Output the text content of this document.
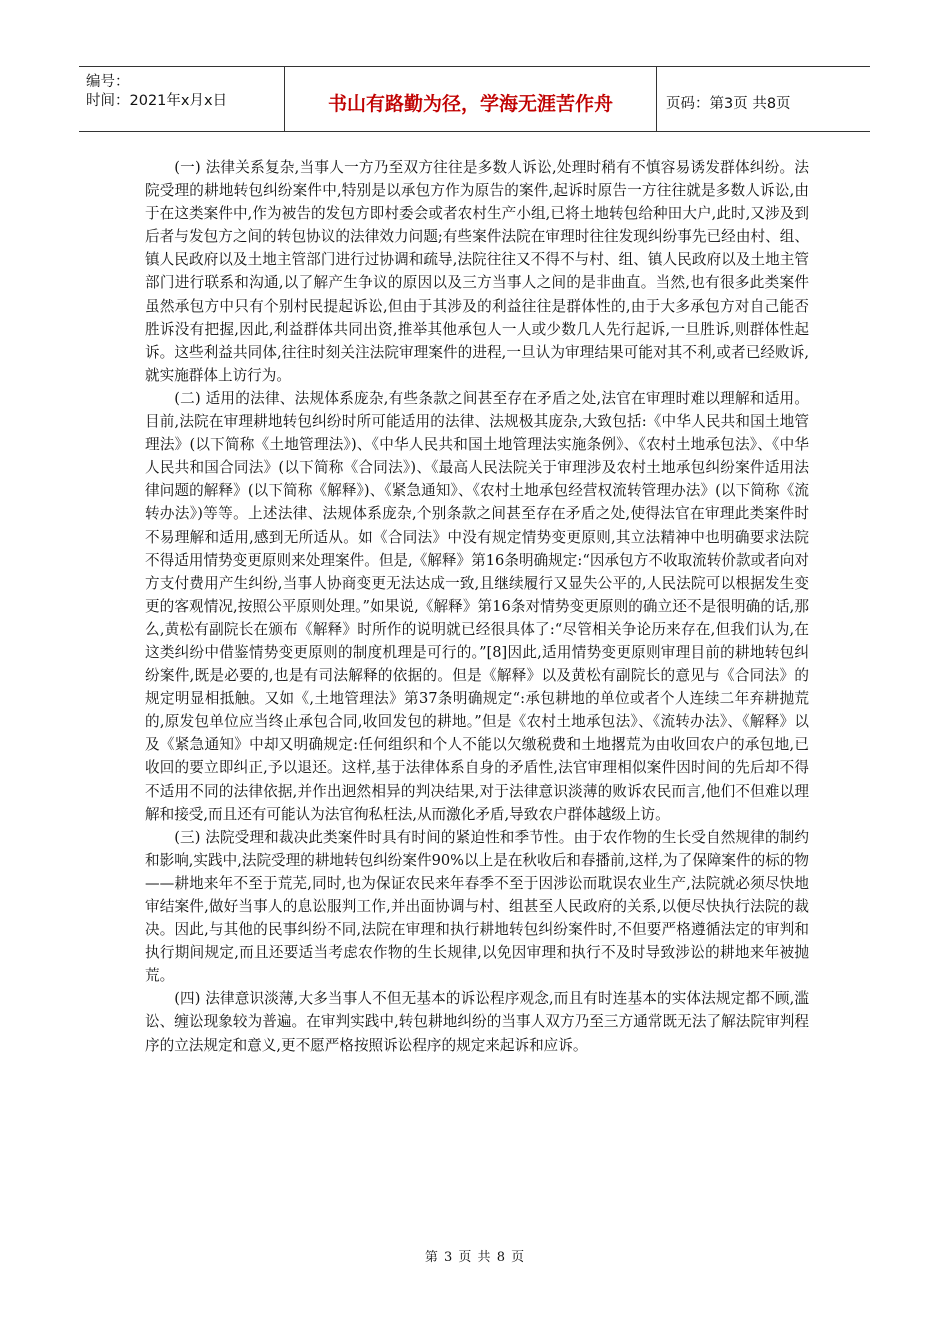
编号：
时间：2021年x月x日	书山有路勤为径，学海无涯苦作舟	页码：第3页 共8页

(一) 法律关系复杂,当事人一方乃至双方往往是多数人诉讼,处理时稍有不慎容易诱发群体纠纷。法院受理的耕地转包纠纷案件中,特别是以承包方作为原告的案件,起诉时原告一方往往就是多数人诉讼,由于在这类案件中,作为被告的发包方即村委会或者农村生产小组,已将土地转包给种田大户,此时,又涉及到后者与发包方之间的转包协议的法律效力问题;有些案件法院在审理时往往发现纠纷事先已经由村、组、镇人民政府以及土地主管部门进行过协调和疏导,法院往往又不得不与村、组、镇人民政府以及土地主管部门进行联系和沟通,以了解产生争议的原因以及三方当事人之间的是非曲直。当然,也有很多此类案件虽然承包方中只有个别村民提起诉讼,但由于其涉及的利益往往是群体性的,由于大多承包方对自己能否胜诉没有把握,因此,利益群体共同出资,推举其他承包人一人或少数几人先行起诉,一旦胜诉,则群体性起诉。这些利益共同体,往往时刻关注法院审理案件的进程,一旦认为审理结果可能对其不利,或者已经败诉,就实施群体上访行为。

(二) 适用的法律、法规体系庞杂,有些条款之间甚至存在矛盾之处,法官在审理时难以理解和适用。目前,法院在审理耕地转包纠纷时所可能适用的法律、法规极其庞杂,大致包括:《中华人民共和国土地管理法》(以下简称《土地管理法》)、《中华人民共和国土地管理法实施条例》、《农村土地承包法》、《中华人民共和国合同法》(以下简称《合同法》)、《最高人民法院关于审理涉及农村土地承包纠纷案件适用法律问题的解释》(以下简称《解释》)、《紧急通知》、《农村土地承包经营权流转管理办法》(以下简称《流转办法》)等等。上述法律、法规体系庞杂,个别条款之间甚至存在矛盾之处,使得法官在审理此类案件时不易理解和适用,感到无所适从。如《合同法》中没有规定情势变更原则,其立法精神中也明确要求法院不得适用情势变更原则来处理案件。但是,《解释》第16条明确规定:“因承包方不收取流转价款或者向对方支付费用产生纠纷,当事人协商变更无法达成一致,且继续履行又显失公平的,人民法院可以根据发生变更的客观情况,按照公平原则处理。”如果说,《解释》第16条对情势变更原则的确立还不是很明确的话,那么,黄松有副院长在颁布《解释》时所作的说明就已经很具体了:“尽管相关争论历来存在,但我们认为,在这类纠纷中借鉴情势变更原则的制度机理是可行的。”[8]因此,适用情势变更原则审理目前的耕地转包纠纷案件,既是必要的,也是有司法解释的依据的。但是《解释》以及黄松有副院长的意见与《合同法》的规定明显相抵触。又如《,土地管理法》第37条明确规定“:承包耕地的单位或者个人连续二年弃耕抛荒的,原发包单位应当终止承包合同,收回发包的耕地。”但是《农村土地承包法》、《流转办法》、《解释》以及《紧急通知》中却又明确规定:任何组织和个人不能以欠缴税费和土地撂荒为由收回农户的承包地,已收回的要立即纠正,予以退还。这样,基于法律体系自身的矛盾性,法官审理相似案件因时间的先后却不得不适用不同的法律依据,并作出迥然相异的判决结果,对于法律意识淡薄的败诉农民而言,他们不但难以理解和接受,而且还有可能认为法官徇私枉法,从而激化矛盾,导致农户群体越级上访。

(三) 法院受理和裁决此类案件时具有时间的紧迫性和季节性。由于农作物的生长受自然规律的制约和影响,实践中,法院受理的耕地转包纠纷案件90%以上是在秋收后和春播前,这样,为了保障案件的标的物——耕地来年不至于荒芜,同时,也为保证农民来年春季不至于因涉讼而耽误农业生产,法院就必须尽快地审结案件,做好当事人的息讼服判工作,并出面协调与村、组甚至人民政府的关系,以便尽快执行法院的裁决。因此,与其他的民事纠纷不同,法院在审理和执行耕地转包纠纷案件时,不但要严格遵循法定的审判和执行期间规定,而且还要适当考虑农作物的生长规律,以免因审理和执行不及时导致涉讼的耕地来年被抛荒。

(四) 法律意识淡薄,大多当事人不但无基本的诉讼程序观念,而且有时连基本的实体法规定都不顾,滥讼、缠讼现象较为普遍。在审判实践中,转包耕地纠纷的当事人双方乃至三方通常既无法了解法院审判程序的立法规定和意义,更不愿严格按照诉讼程序的规定来起诉和应诉。

第 3 页 共 8 页
